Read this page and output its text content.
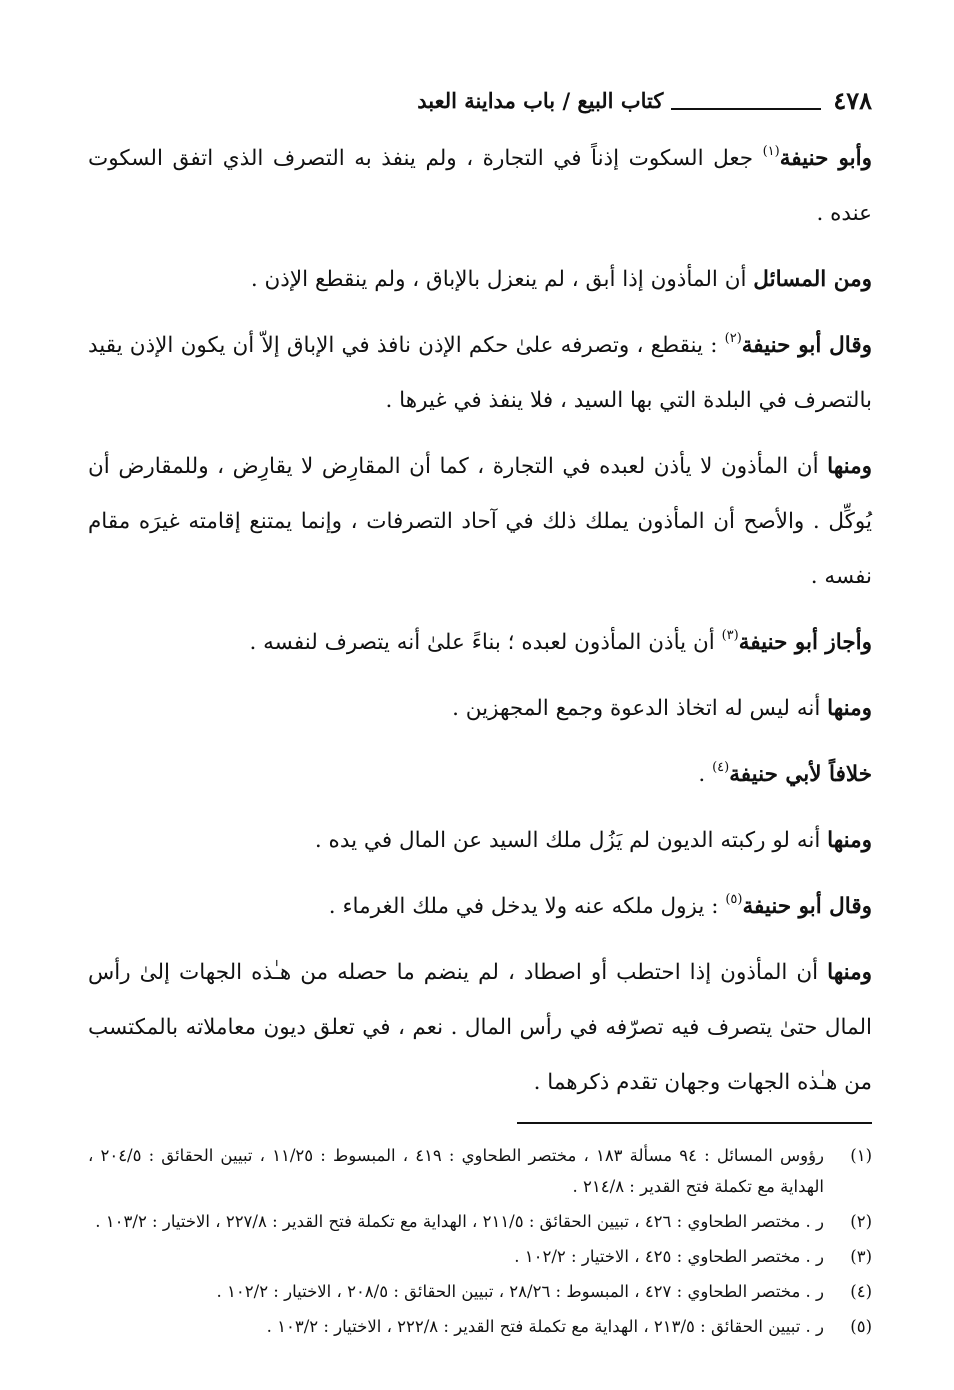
٤٧٨
كتاب البيع / باب مداينة العبد

وأبو حنيفة$^{(١)}$ جعل السكوت إذناً في التجارة ، ولم ينفذ به التصرف الذي اتفق السكوت عنده .

ومن المسائل أن المأذون إذا أبق ، لم ينعزل بالإباق ، ولم ينقطع الإذن .

وقال أبو حنيفة$^{(٢)}$ : ينقطع ، وتصرفه علىٰ حكم الإذن نافذ في الإباق إلاّ أن يكون الإذن يقيد بالتصرف في البلدة التي بها السيد ، فلا ينفذ في غيرها .

ومنها أن المأذون لا يأذن لعبده في التجارة ، كما أن المقارِض لا يقارِض ، وللمقارض أن يُوكِّل . والأصح أن المأذون يملك ذلك في آحاد التصرفات ، وإنما يمتنع إقامته غيرَه مقام نفسه .

وأجاز أبو حنيفة$^{(٣)}$ أن يأذن المأذون لعبده ؛ بناءً علىٰ أنه يتصرف لنفسه .

ومنها أنه ليس له اتخاذ الدعوة وجمع المجهزين .

خلافاً لأبي حنيفة$^{(٤)}$ .

ومنها أنه لو ركبته الديون لم يَزُل ملك السيد عن المال في يده .

وقال أبو حنيفة$^{(٥)}$ : يزول ملكه عنه ولا يدخل في ملك الغرماء .

ومنها أن المأذون إذا احتطب أو اصطاد ، لم ينضم ما حصله من هـٰذه الجهات إلىٰ رأس المال حتىٰ يتصرف فيه تصرّفه في رأس المال . نعم ، في تعلق ديون معاملاته بالمكتسب من هـٰذه الجهات وجهان تقدم ذكرهما .

(١)
رؤوس المسائل : ٩٤ مسألة ١٨٣ ، مختصر الطحاوي : ٤١٩ ، المبسوط : ١١/٢٥ ، تبيين الحقائق : ٢٠٤/٥ ، الهداية مع تكملة فتح القدير : ٢١٤/٨ .
(٢)
ر . مختصر الطحاوي : ٤٢٦ ، تبيين الحقائق : ٢١١/٥ ، الهداية مع تكملة فتح القدير : ٢٢٧/٨ ، الاختيار : ١٠٣/٢ .
(٣)
ر . مختصر الطحاوي : ٤٢٥ ، الاختيار : ١٠٢/٢ .
(٤)
ر . مختصر الطحاوي : ٤٢٧ ، المبسوط : ٢٨/٢٦ ، تبيين الحقائق : ٢٠٨/٥ ، الاختيار : ١٠٢/٢ .
(٥)
ر . تبيين الحقائق : ٢١٣/٥ ، الهداية مع تكملة فتح القدير : ٢٢٢/٨ ، الاختيار : ١٠٣/٢ .
